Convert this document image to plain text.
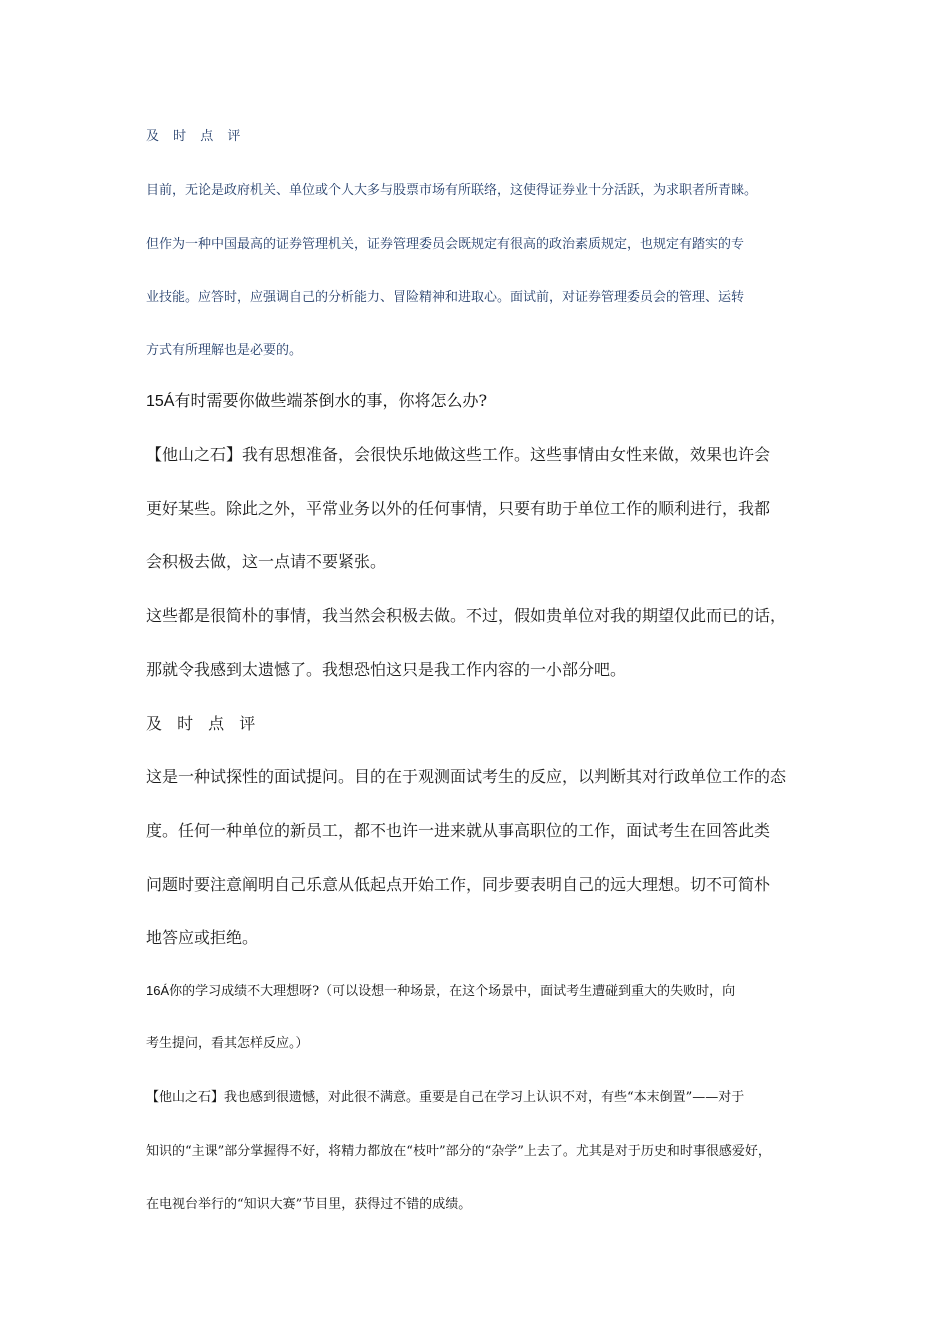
及 时 点 评
目前，无论是政府机关、单位或个人大多与股票市场有所联络，这使得证券业十分活跃，为求职者所青睐。
但作为一种中国最高的证券管理机关，证券管理委员会既规定有很高的政治素质规定，也规定有踏实的专
业技能。应答时，应强调自己的分析能力、冒险精神和进取心。面试前，对证券管理委员会的管理、运转
方式有所理解也是必要的。
15Á有时需要你做些端茶倒水的事，你将怎么办?
【他山之石】我有思想准备，会很快乐地做这些工作。这些事情由女性来做，效果也许会
更好某些。除此之外，平常业务以外的任何事情，只要有助于单位工作的顺利进行，我都
会积极去做，这一点请不要紧张。
这些都是很简朴的事情，我当然会积极去做。不过，假如贵单位对我的期望仅此而已的话，
那就令我感到太遗憾了。我想恐怕这只是我工作内容的一小部分吧。
及 时 点 评
这是一种试探性的面试提问。目的在于观测面试考生的反应，以判断其对行政单位工作的态
度。任何一种单位的新员工，都不也许一进来就从事高职位的工作，面试考生在回答此类
问题时要注意阐明自己乐意从低起点开始工作，同步要表明自己的远大理想。切不可简朴
地答应或拒绝。
16Á你的学习成绩不大理想呀?（可以设想一种场景，在这个场景中，面试考生遭碰到重大的失败时，向
考生提问，看其怎样反应。）
【他山之石】我也感到很遗憾，对此很不满意。重要是自己在学习上认识不对，有些“本末倒置”——对于
知识的“主课”部分掌握得不好，将精力都放在“枝叶”部分的“杂学”上去了。尤其是对于历史和时事很感爱好，
在电视台举行的“知识大赛”节目里，获得过不错的成绩。
